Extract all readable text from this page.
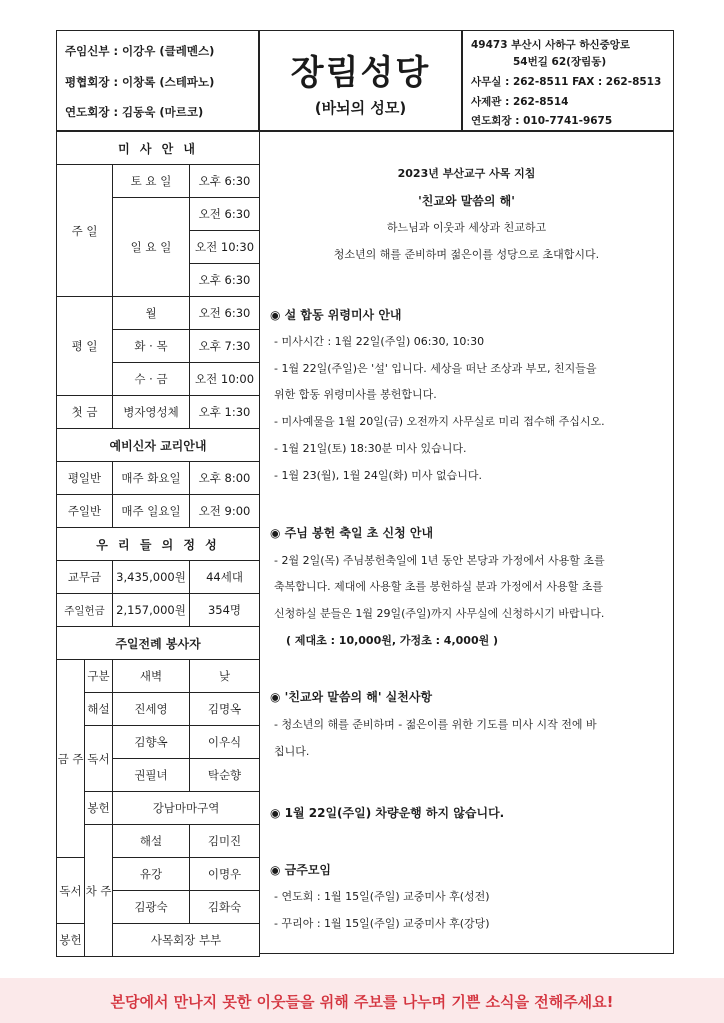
주임신부 : 이강우 (클레멘스)
평협회장 : 이창록 (스테파노)
연도회장 : 김동욱 (마르코)
장림성당
(바뇌의 성모)
49473 부산시 사하구 하신중앙로
54번길 62(장림동)
사무실 : 262-8511 FAX : 262-8513
사제관 : 262-8514
연도회장 : 010-7741-9675
미 사 안 내				
주 일		토 요 일	오후 6:30	
		일 요 일	오전 6:30	
			오전 10:30	
			오후 6:30	
평 일		월	오전 6:30	
		화 · 목	오후 7:30	
		수 · 금	오전 10:00	
첫 금		병자영성체	오후 1:30	
예비신자 교리안내				
평일반		매주 화요일	오후 8:00	
주일반		매주 일요일	오전 9:00	
우 리 들 의 정 성				
교무금		3,435,000원	44세대	
주일헌금		2,157,000원	354명	
주일전례 봉사자				
금 주	구분	새벽	낮	
	해설	진세영	김명옥	
	독서	김향옥	이우식	
		권필녀	탁순향	
	봉헌	강남마마구역		
	차 주	해설	김미진	
독서		유강	이명우	
		김광숙	김화숙	
봉헌		사목회장 부부		
2023년 부산교구 사목 지침
'친교와 말씀의 해'
하느님과 이웃과 세상과 친교하고
청소년의 해를 준비하며 젊은이를 성당으로 초대합시다.
◉ 설 합동 위령미사 안내
- 미사시간 : 1월 22일(주일) 06:30, 10:30
- 1월 22일(주일)은 '설' 입니다. 세상을 떠난 조상과 부모, 친지들을
위한 합동 위령미사를 봉헌합니다.
- 미사예물을 1월 20일(금) 오전까지 사무실로 미리 접수해 주십시오.
- 1월 21일(토) 18:30분 미사 있습니다.
- 1월 23(월), 1월 24일(화) 미사 없습니다.
◉ 주님 봉헌 축일 초 신청 안내
- 2월 2일(목) 주님봉헌축일에 1년 동안 본당과 가정에서 사용할 초를
축복합니다. 제대에 사용할 초를 봉헌하실 분과 가정에서 사용할 초를
신청하실 분들은 1월 29일(주일)까지 사무실에 신청하시기 바랍니다.
( 제대초 : 10,000원, 가정초 : 4,000원 )
◉ '친교와 말씀의 해' 실천사항
- 청소년의 해를 준비하며 - 젊은이를 위한 기도를 미사 시작 전에 바
칩니다.
◉ 1월 22일(주일) 차량운행 하지 않습니다.
◉ 금주모임
- 연도회 : 1월 15일(주일) 교중미사 후(성전)
- 꾸리아 : 1월 15일(주일) 교중미사 후(강당)
본당에서 만나지 못한 이웃들을 위해 주보를 나누며 기쁜 소식을 전해주세요!
